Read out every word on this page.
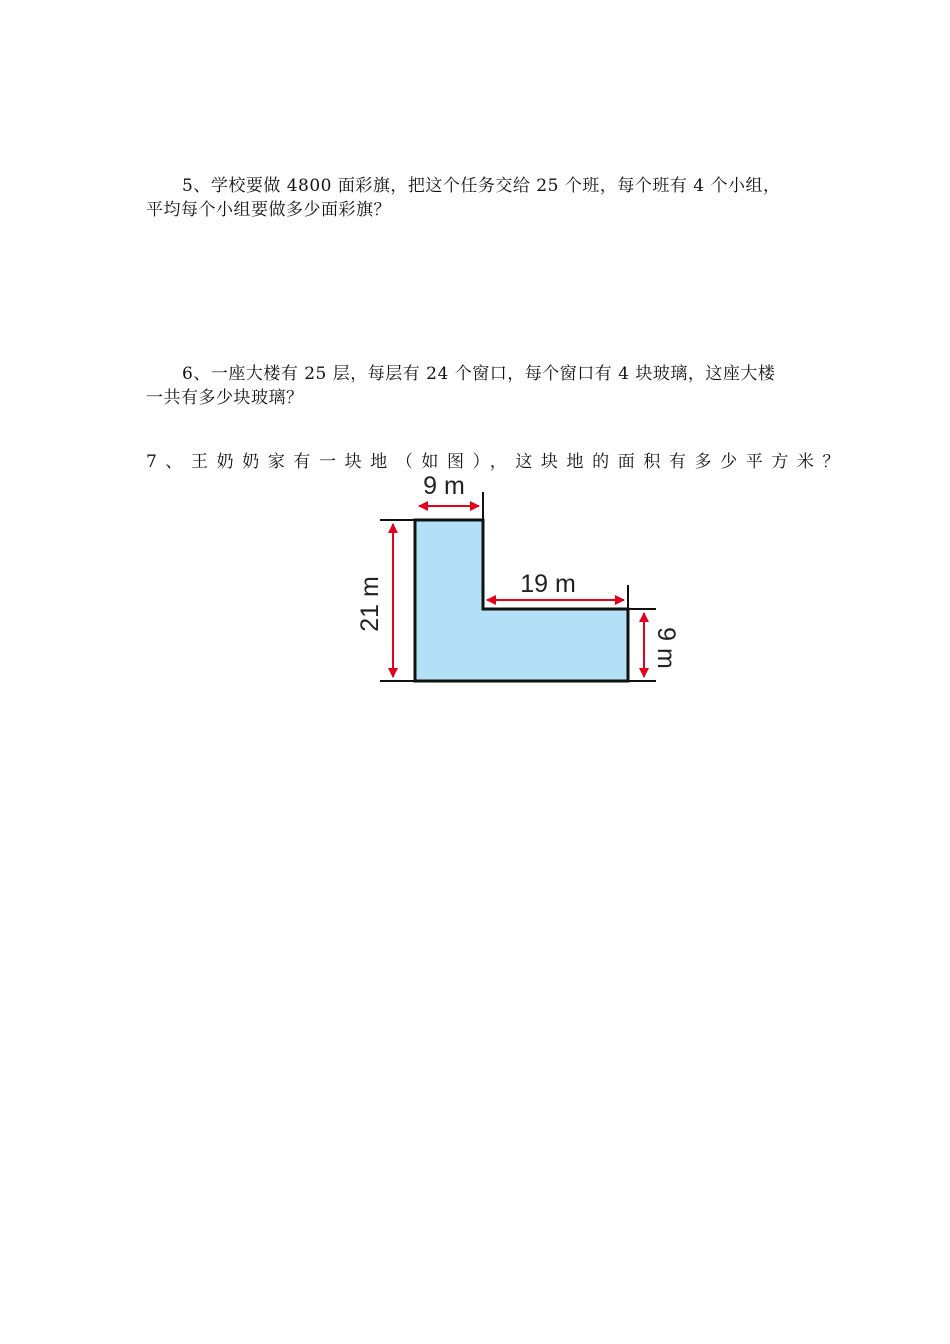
5、学校要做 4800 面彩旗，把这个任务交给 25 个班，每个班有 4 个小组，
平均每个小组要做多少面彩旗？
6、一座大楼有 25 层，每层有 24 个窗口，每个窗口有 4 块玻璃，这座大楼
一共有多少块玻璃？
7、王奶奶家有一块地（如图），这块地的面积有多少平方米？
9 m
21 m	19 m
9 m
